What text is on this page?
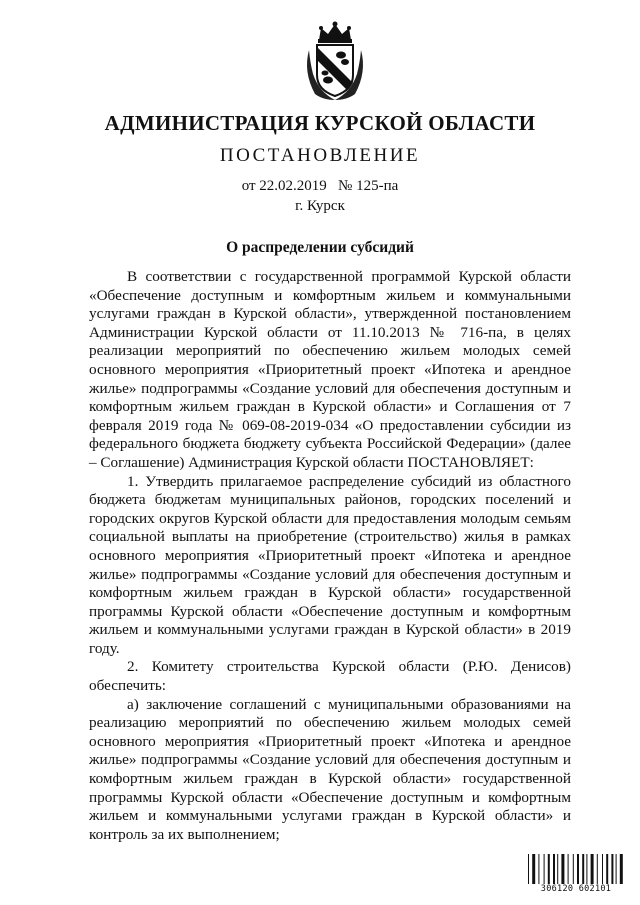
АДМИНИСТРАЦИЯ КУРСКОЙ ОБЛАСТИ
ПОСТАНОВЛЕНИЕ
от 22.02.2019   № 125-па
г. Курск
О распределении субсидий

В соответствии с государственной программой Курской области «Обеспечение доступным и комфортным жильем и коммунальными услугами граждан в Курской области», утвержденной постановлением Администрации Курской области от 11.10.2013 № 716-па, в целях реализации мероприятий по обеспечению жильем молодых семей основного мероприятия «Приоритетный проект «Ипотека и арендное жилье» подпрограммы «Создание условий для обеспечения доступным и комфортным жильем граждан в Курской области» и Соглашения от 7 февраля 2019 года № 069-08-2019-034 «О предоставлении субсидии из федерального бюджета бюджету субъекта Российской Федерации» (далее – Соглашение) Администрация Курской области ПОСТАНОВЛЯЕТ:

1. Утвердить прилагаемое распределение субсидий из областного бюджета бюджетам муниципальных районов, городских поселений и городских округов Курской области для предоставления молодым семьям социальной выплаты на приобретение (строительство) жилья в рамках основного мероприятия «Приоритетный проект «Ипотека и арендное жилье» подпрограммы «Создание условий для обеспечения доступным и комфортным жильем граждан в Курской области» государственной программы Курской области «Обеспечение доступным и комфортным жильем и коммунальными услугами граждан в Курской области» в 2019 году.

2. Комитету строительства Курской области (Р.Ю. Денисов) обеспечить:

а) заключение соглашений с муниципальными образованиями на реализацию мероприятий по обеспечению жильем молодых семей основного мероприятия «Приоритетный проект «Ипотека и арендное жилье» подпрограммы «Создание условий для обеспечения доступным и комфортным жильем граждан в Курской области» государственной программы Курской области «Обеспечение доступным и комфортным жильем и коммунальными услугами граждан в Курской области» и контроль за их выполнением;

306120 602101
